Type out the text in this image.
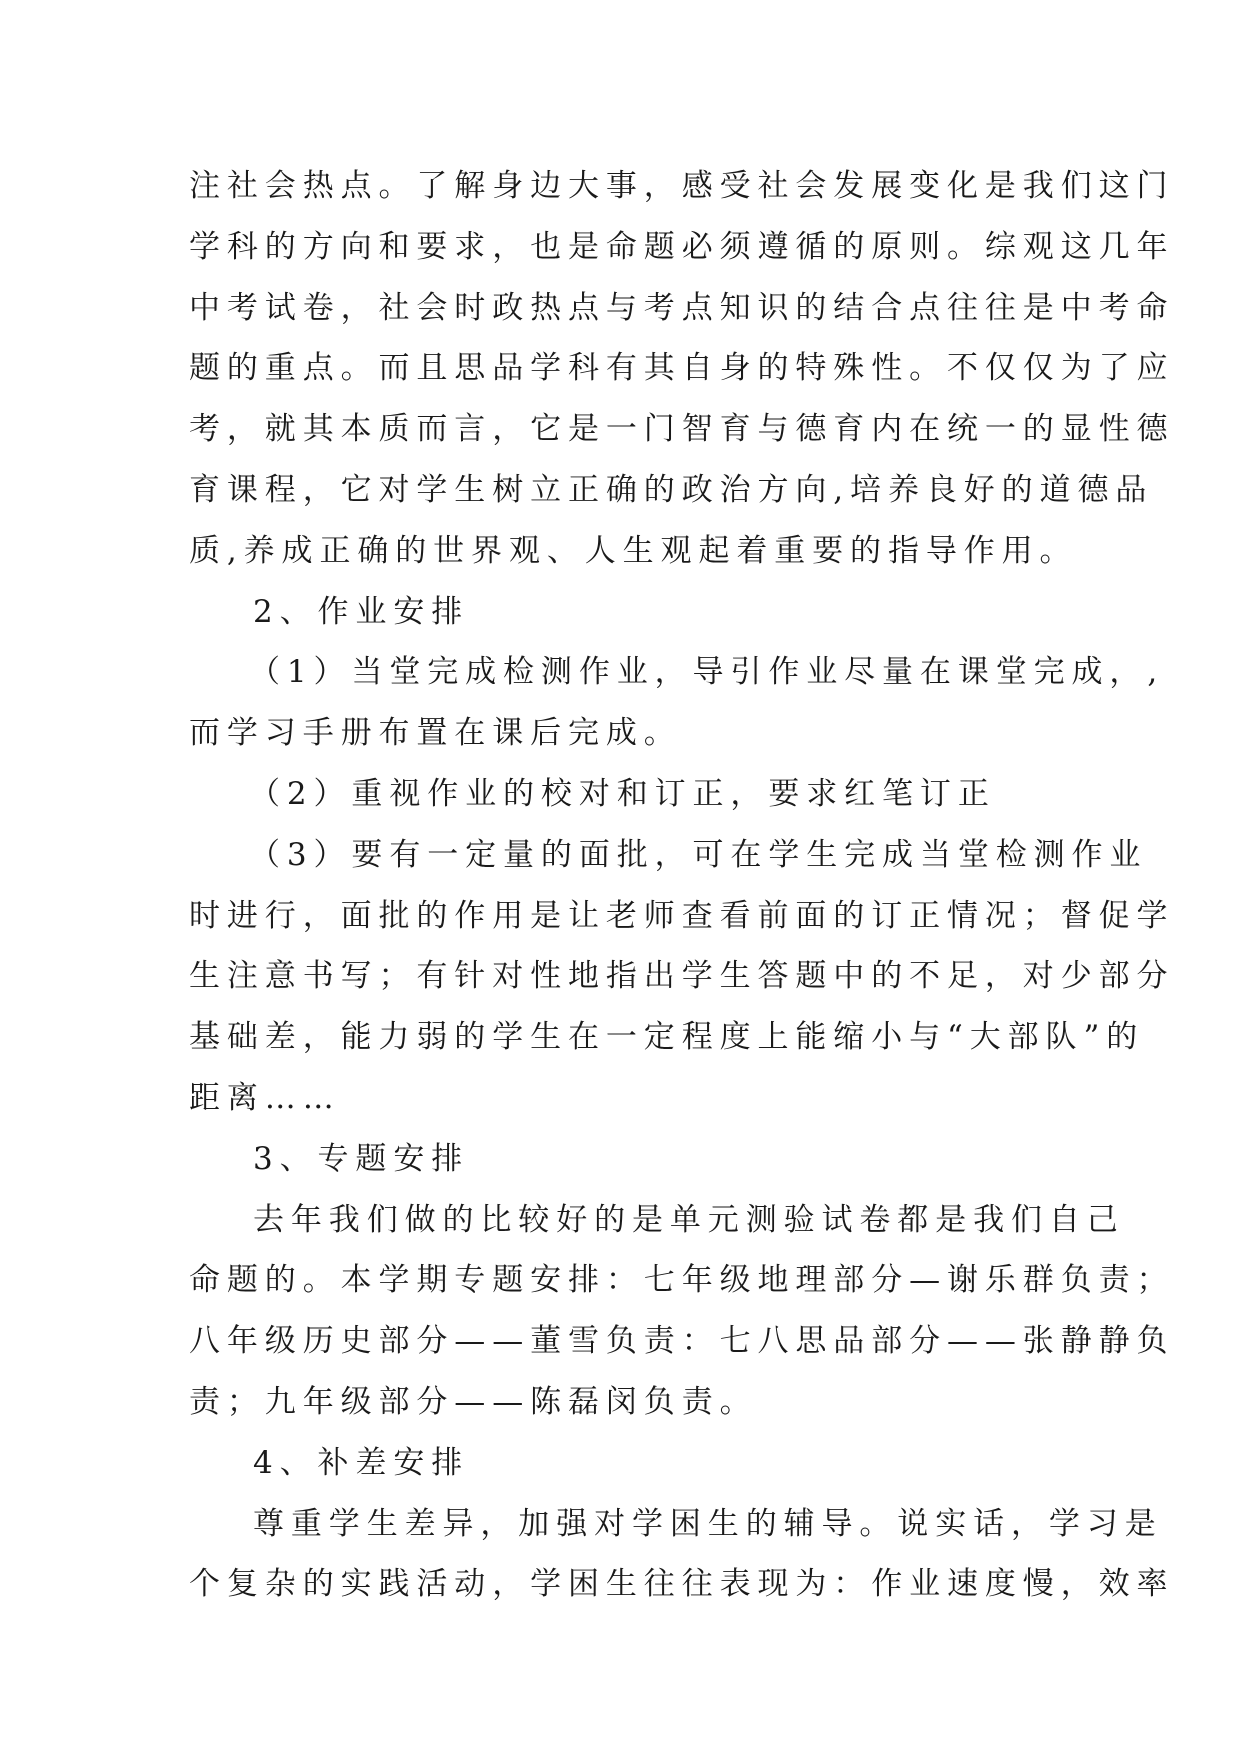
注社会热点。了解身边大事，感受社会发展变化是我们这门
学科的方向和要求，也是命题必须遵循的原则。综观这几年
中考试卷，社会时政热点与考点知识的结合点往往是中考命
题的重点。而且思品学科有其自身的特殊性。不仅仅为了应
考，就其本质而言，它是一门智育与德育内在统一的显性德
育课程，它对学生树立正确的政治方向,培养良好的道德品
质,养成正确的世界观、人生观起着重要的指导作用。
2、作业安排
（1）当堂完成检测作业，导引作业尽量在课堂完成，,
而学习手册布置在课后完成。
（2）重视作业的校对和订正，要求红笔订正
（3）要有一定量的面批，可在学生完成当堂检测作业
时进行，面批的作用是让老师查看前面的订正情况；督促学
生注意书写；有针对性地指出学生答题中的不足，对少部分
基础差，能力弱的学生在一定程度上能缩小与“大部队”的
距离……
3、专题安排
去年我们做的比较好的是单元测验试卷都是我们自己
命题的。本学期专题安排：七年级地理部分—谢乐群负责；
八年级历史部分——董雪负责：七八思品部分——张静静负
责；九年级部分——陈磊闵负责。
4、补差安排
尊重学生差异，加强对学困生的辅导。说实话，学习是
个复杂的实践活动，学困生往往表现为：作业速度慢，效率
